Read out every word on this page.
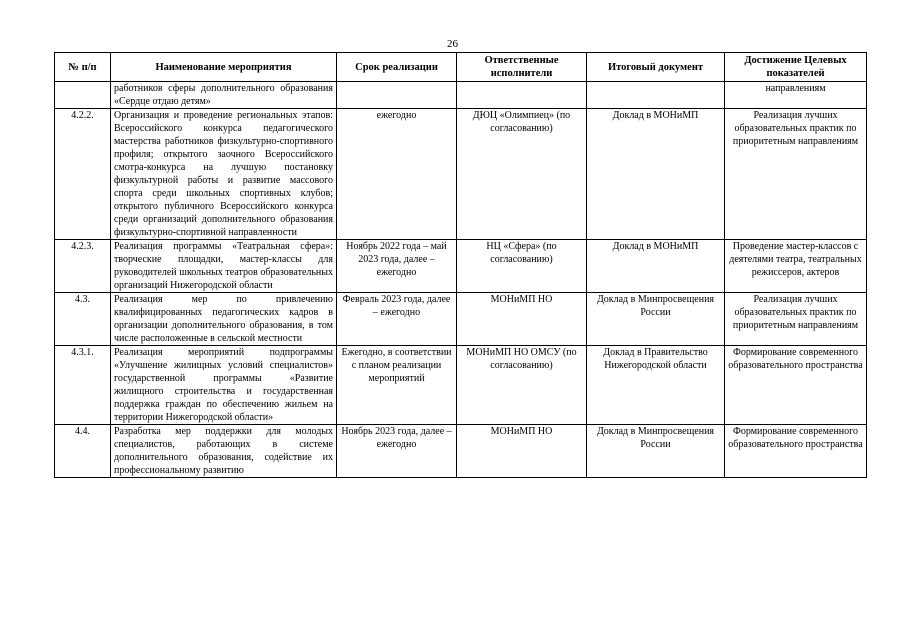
26
№ п/п	Наименование мероприятия	Срок реализации	Ответственные исполнители	Итоговый документ	Достижение Целевых показателей
	работников сферы дополнительного образования «Сердце отдаю детям»				направлениям
4.2.2.	Организация и проведение региональных этапов: Всероссийского конкурса педагогического мастерства работников физкультурно-спортивного профиля; открытого заочного Всероссийского смотра-конкурса на лучшую постановку физкультурной работы и развитие массового спорта среди школьных спортивных клубов; открытого публичного Всероссийского конкурса среди организаций дополнительного образования физкультурно-спортивной направленности	ежегодно	ДЮЦ «Олимпиец» (по согласованию)	Доклад в МОНиМП	Реализация лучших образовательных практик по приоритетным направлениям
4.2.3.	Реализация программы «Театральная сфера»: творческие площадки, мастер-классы для руководителей школьных театров образовательных организаций Нижегородской области	Ноябрь 2022 года – май 2023 года, далее – ежегодно	НЦ «Сфера» (по согласованию)	Доклад в МОНиМП	Проведение мастер-классов с деятелями театра, театральных режиссеров, актеров
4.3.	Реализация мер по привлечению квалифицированных педагогических кадров в организации дополнительного образования, в том числе расположенные в сельской местности	Февраль 2023 года, далее – ежегодно	МОНиМП НО	Доклад в Минпросвещения России	Реализация лучших образовательных практик по приоритетным направлениям
4.3.1.	Реализация мероприятий подпрограммы «Улучшение жилищных условий специалистов» государственной программы «Развитие жилищного строительства и государственная поддержка граждан по обеспечению жильем на территории Нижегородской области»	Ежегодно, в соответствии с планом реализации мероприятий	МОНиМП НО ОМСУ (по согласованию)	Доклад в Правительство Нижегородской области	Формирование современного образовательного пространства
4.4.	Разработка мер поддержки для молодых специалистов, работающих в системе дополнительного образования, содействие их профессиональному развитию	Ноябрь 2023 года, далее – ежегодно	МОНиМП НО	Доклад в Минпросвещения России	Формирование современного образовательного пространства
